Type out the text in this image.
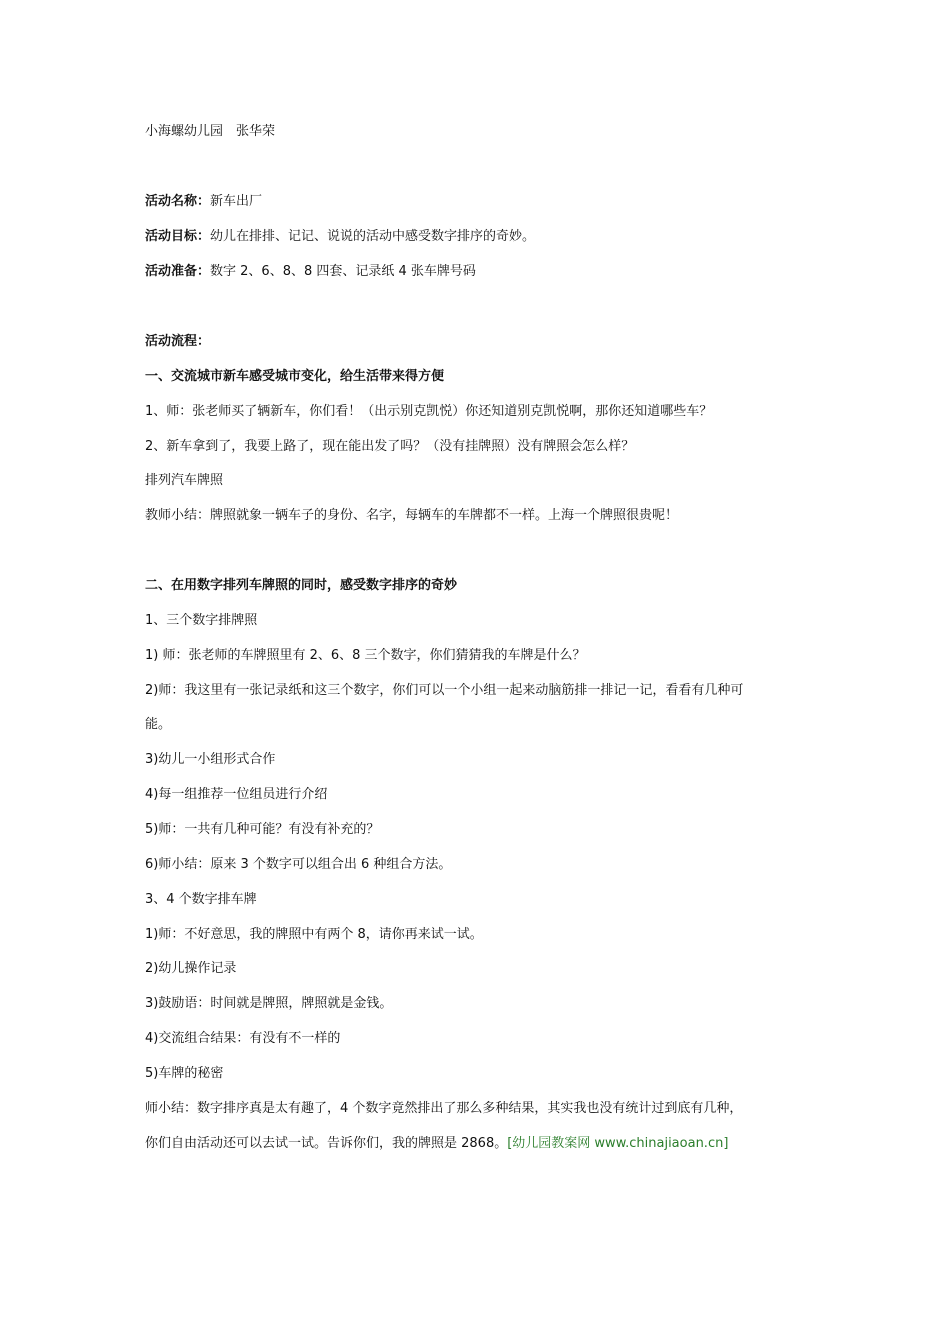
小海螺幼儿园　张华荣
活动名称：新车出厂
活动目标：幼儿在排排、记记、说说的活动中感受数字排序的奇妙。
活动准备：数字 2、6、8、8 四套、记录纸 4 张车牌号码
活动流程：
一、交流城市新车感受城市变化，给生活带来得方便
1、师：张老师买了辆新车，你们看！（出示别克凯悦）你还知道别克凯悦啊，那你还知道哪些车？
2、新车拿到了，我要上路了，现在能出发了吗？（没有挂牌照）没有牌照会怎么样？
排列汽车牌照
教师小结：牌照就象一辆车子的身份、名字，每辆车的车牌都不一样。上海一个牌照很贵呢！
二、在用数字排列车牌照的同时，感受数字排序的奇妙
1、三个数字排牌照
1) 师：张老师的车牌照里有 2、6、8 三个数字，你们猜猜我的车牌是什么？
2)师：我这里有一张记录纸和这三个数字，你们可以一个小组一起来动脑筋排一排记一记，看看有几种可
能。
3)幼儿一小组形式合作
4)每一组推荐一位组员进行介绍
5)师：一共有几种可能？有没有补充的？
6)师小结：原来 3 个数字可以组合出 6 种组合方法。
3、4 个数字排车牌
1)师：不好意思，我的牌照中有两个 8，请你再来试一试。
2)幼儿操作记录
3)鼓励语：时间就是牌照，牌照就是金钱。
4)交流组合结果：有没有不一样的
5)车牌的秘密
师小结：数字排序真是太有趣了，4 个数字竟然排出了那么多种结果，其实我也没有统计过到底有几种，
你们自由活动还可以去试一试。告诉你们，我的牌照是 2868。[幼儿园教案网 www.chinajiaoan.cn]
